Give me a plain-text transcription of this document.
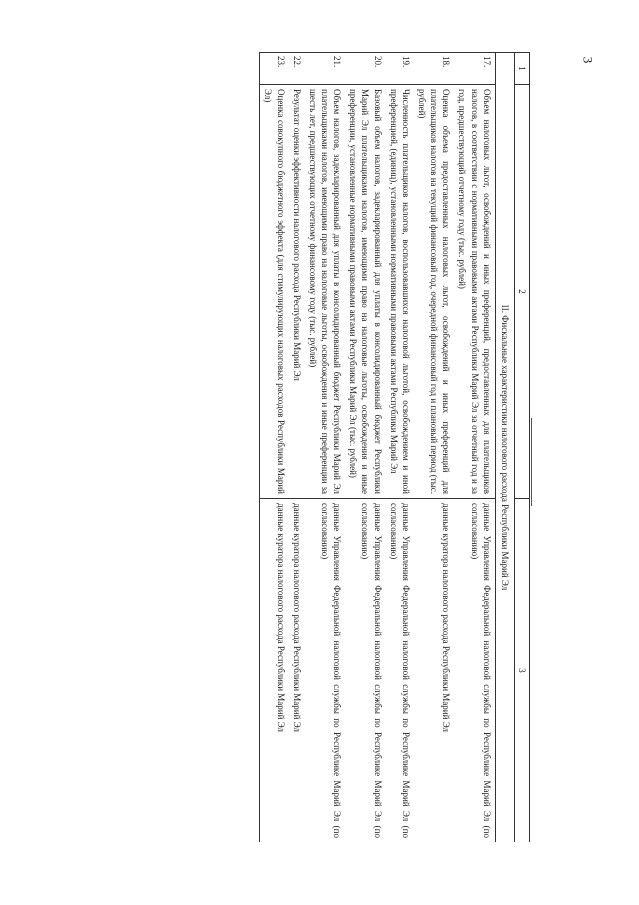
3
1	2	3
II. Фискальные характеристики налогового расхода Республики Марий Эл		
17.	Объем налоговых льгот, освобождений и иных преференций, предоставленных для плательщиков налогов, в соответствии с нормативными правовыми актами Республики Марий Эл за отчетный год и за год, предшествующий отчетному году (тыс. рублей)	данные Управления Федеральной налоговой службы по Республике Марий Эл (по согласованию)
18.	Оценка объема предоставленных налоговых льгот, освобождений и иных преференций для плательщиков налогов на текущий финансовый год, очередной финансовый год и плановый период (тыс. рублей)	данные куратора налогового расхода Республики Марий Эл
19.	Численность плательщиков налогов, воспользовавшихся налоговой льготой, освобождением и иной преференцией, (единиц), установленными нормативными правовыми актами Республики Марий Эл	данные Управления Федеральной налоговой службы по Республике Марий Эл (по согласованию)
20.	Базовый объем налогов, задекларированный для уплаты в консолидированный бюджет Республики Марий Эл плательщиками налогов, имеющими право на налоговые льготы, освобождения и иные преференции, установленные нормативными правовыми актами Республики Марий Эл (тыс. рублей)	данные Управления Федеральной налоговой службы по Республике Марий Эл (по согласованию)
21.	Объем налогов, задекларированный для уплаты в консолидированный бюджет Республики Марий Эл плательщиками налогов, имеющими право на налоговые льготы, освобождения и иные преференции за шесть лет, предшествующих отчетному финансовому году (тыс. рублей)	данные Управления Федеральной налоговой службы по Республике Марий Эл (по согласованию)
22.	Результат оценки эффективности налогового расхода Республики Марий Эл	данные куратора налогового расхода Республики Марий Эл
23.	Оценка совокупного бюджетного эффекта (для стимулирующих налоговых расходов Республики Марий Эл)	данные куратора налогового расхода Республики Марий Эл
